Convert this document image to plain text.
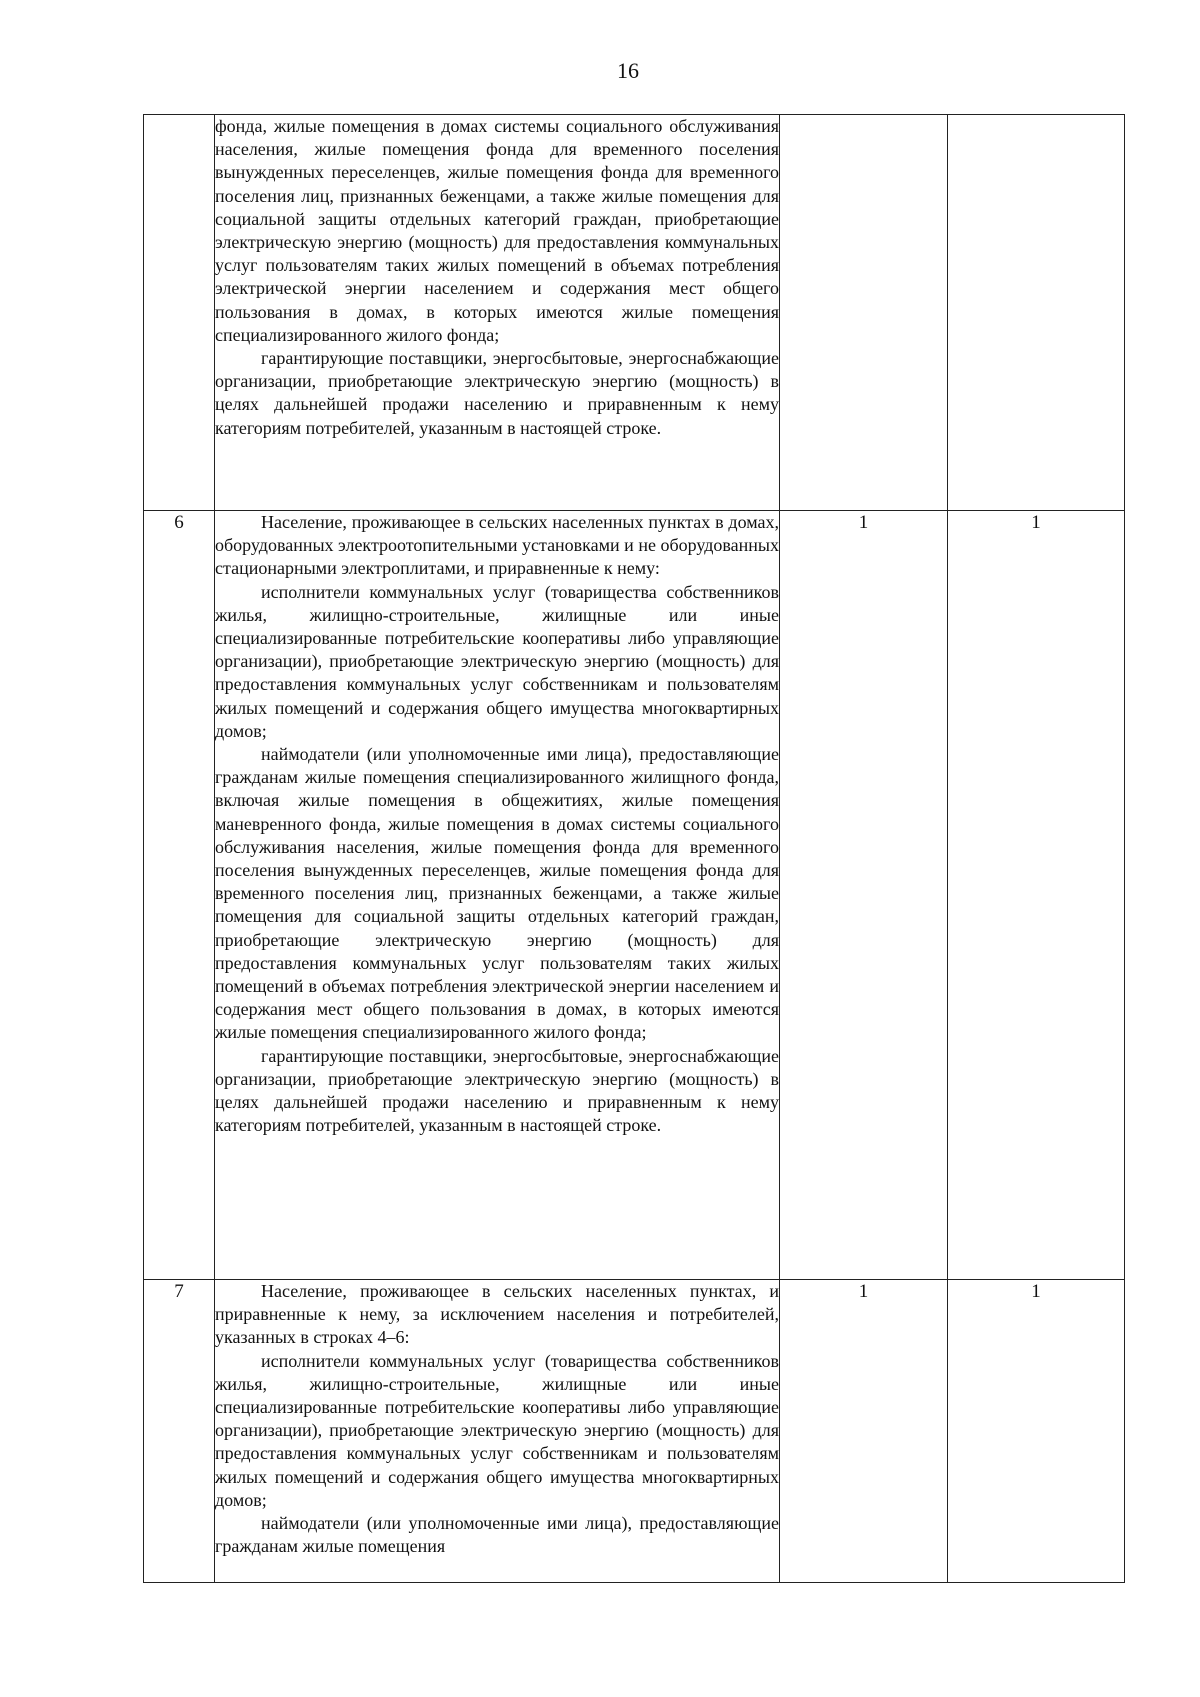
16

	фонда, жилые помещения в домах системы социального обслуживания населения, жилые помещения фонда для временного поселения вынужденных переселенцев, жилые помещения фонда для временного поселения лиц, признанных беженцами, а также жилые помещения для социальной защиты отдельных категорий граждан, приобретающие электрическую энергию (мощность) для предоставления коммунальных услуг пользователям таких жилых помещений в объемах потребления электрической энергии населением и содержания мест общего пользования в домах, в которых имеются жилые помещения специализированного жилого фонда;

гарантирующие поставщики, энергосбытовые, энергоснабжающие организации, приобретающие электрическую энергию (мощность) в целях дальнейшей продажи населению и приравненным к нему категориям потребителей, указанным в настоящей строке.		

6	Население, проживающее в сельских населенных пунктах в домах, оборудованных электроотопительными установками и не оборудованных стационарными электроплитами, и приравненные к нему:

исполнители коммунальных услуг (товарищества собственников жилья, жилищно-строительные, жилищные или иные специализированные потребительские кооперативы либо управляющие организации), приобретающие электрическую энергию (мощность) для предоставления коммунальных услуг собственникам и пользователям жилых помещений и содержания общего имущества многоквартирных домов;

наймодатели (или уполномоченные ими лица), предоставляющие гражданам жилые помещения специализированного жилищного фонда, включая жилые помещения в общежитиях, жилые помещения маневренного фонда, жилые помещения в домах системы социального обслуживания населения, жилые помещения фонда для временного поселения вынужденных переселенцев, жилые помещения фонда для временного поселения лиц, признанных беженцами, а также жилые помещения для социальной защиты отдельных категорий граждан, приобретающие электрическую энергию (мощность) для предоставления коммунальных услуг пользователям таких жилых помещений в объемах потребления электрической энергии населением и содержания мест общего пользования в домах, в которых имеются жилые помещения специализированного жилого фонда;

гарантирующие поставщики, энергосбытовые, энергоснабжающие организации, приобретающие электрическую энергию (мощность) в целях дальнейшей продажи населению и приравненным к нему категориям потребителей, указанным в настоящей строке.	1	1
7	Население, проживающее в сельских населенных пунктах, и приравненные к нему, за исключением населения и потребителей, указанных в строках 4–6:

исполнители коммунальных услуг (товарищества собственников жилья, жилищно-строительные, жилищные или иные специализированные потребительские кооперативы либо управляющие организации), приобретающие электрическую энергию (мощность) для предоставления коммунальных услуг собственникам и пользователям жилых помещений и содержания общего имущества многоквартирных домов;

наймодатели (или уполномоченные ими лица), предоставляющие гражданам жилые помещения	1	1
